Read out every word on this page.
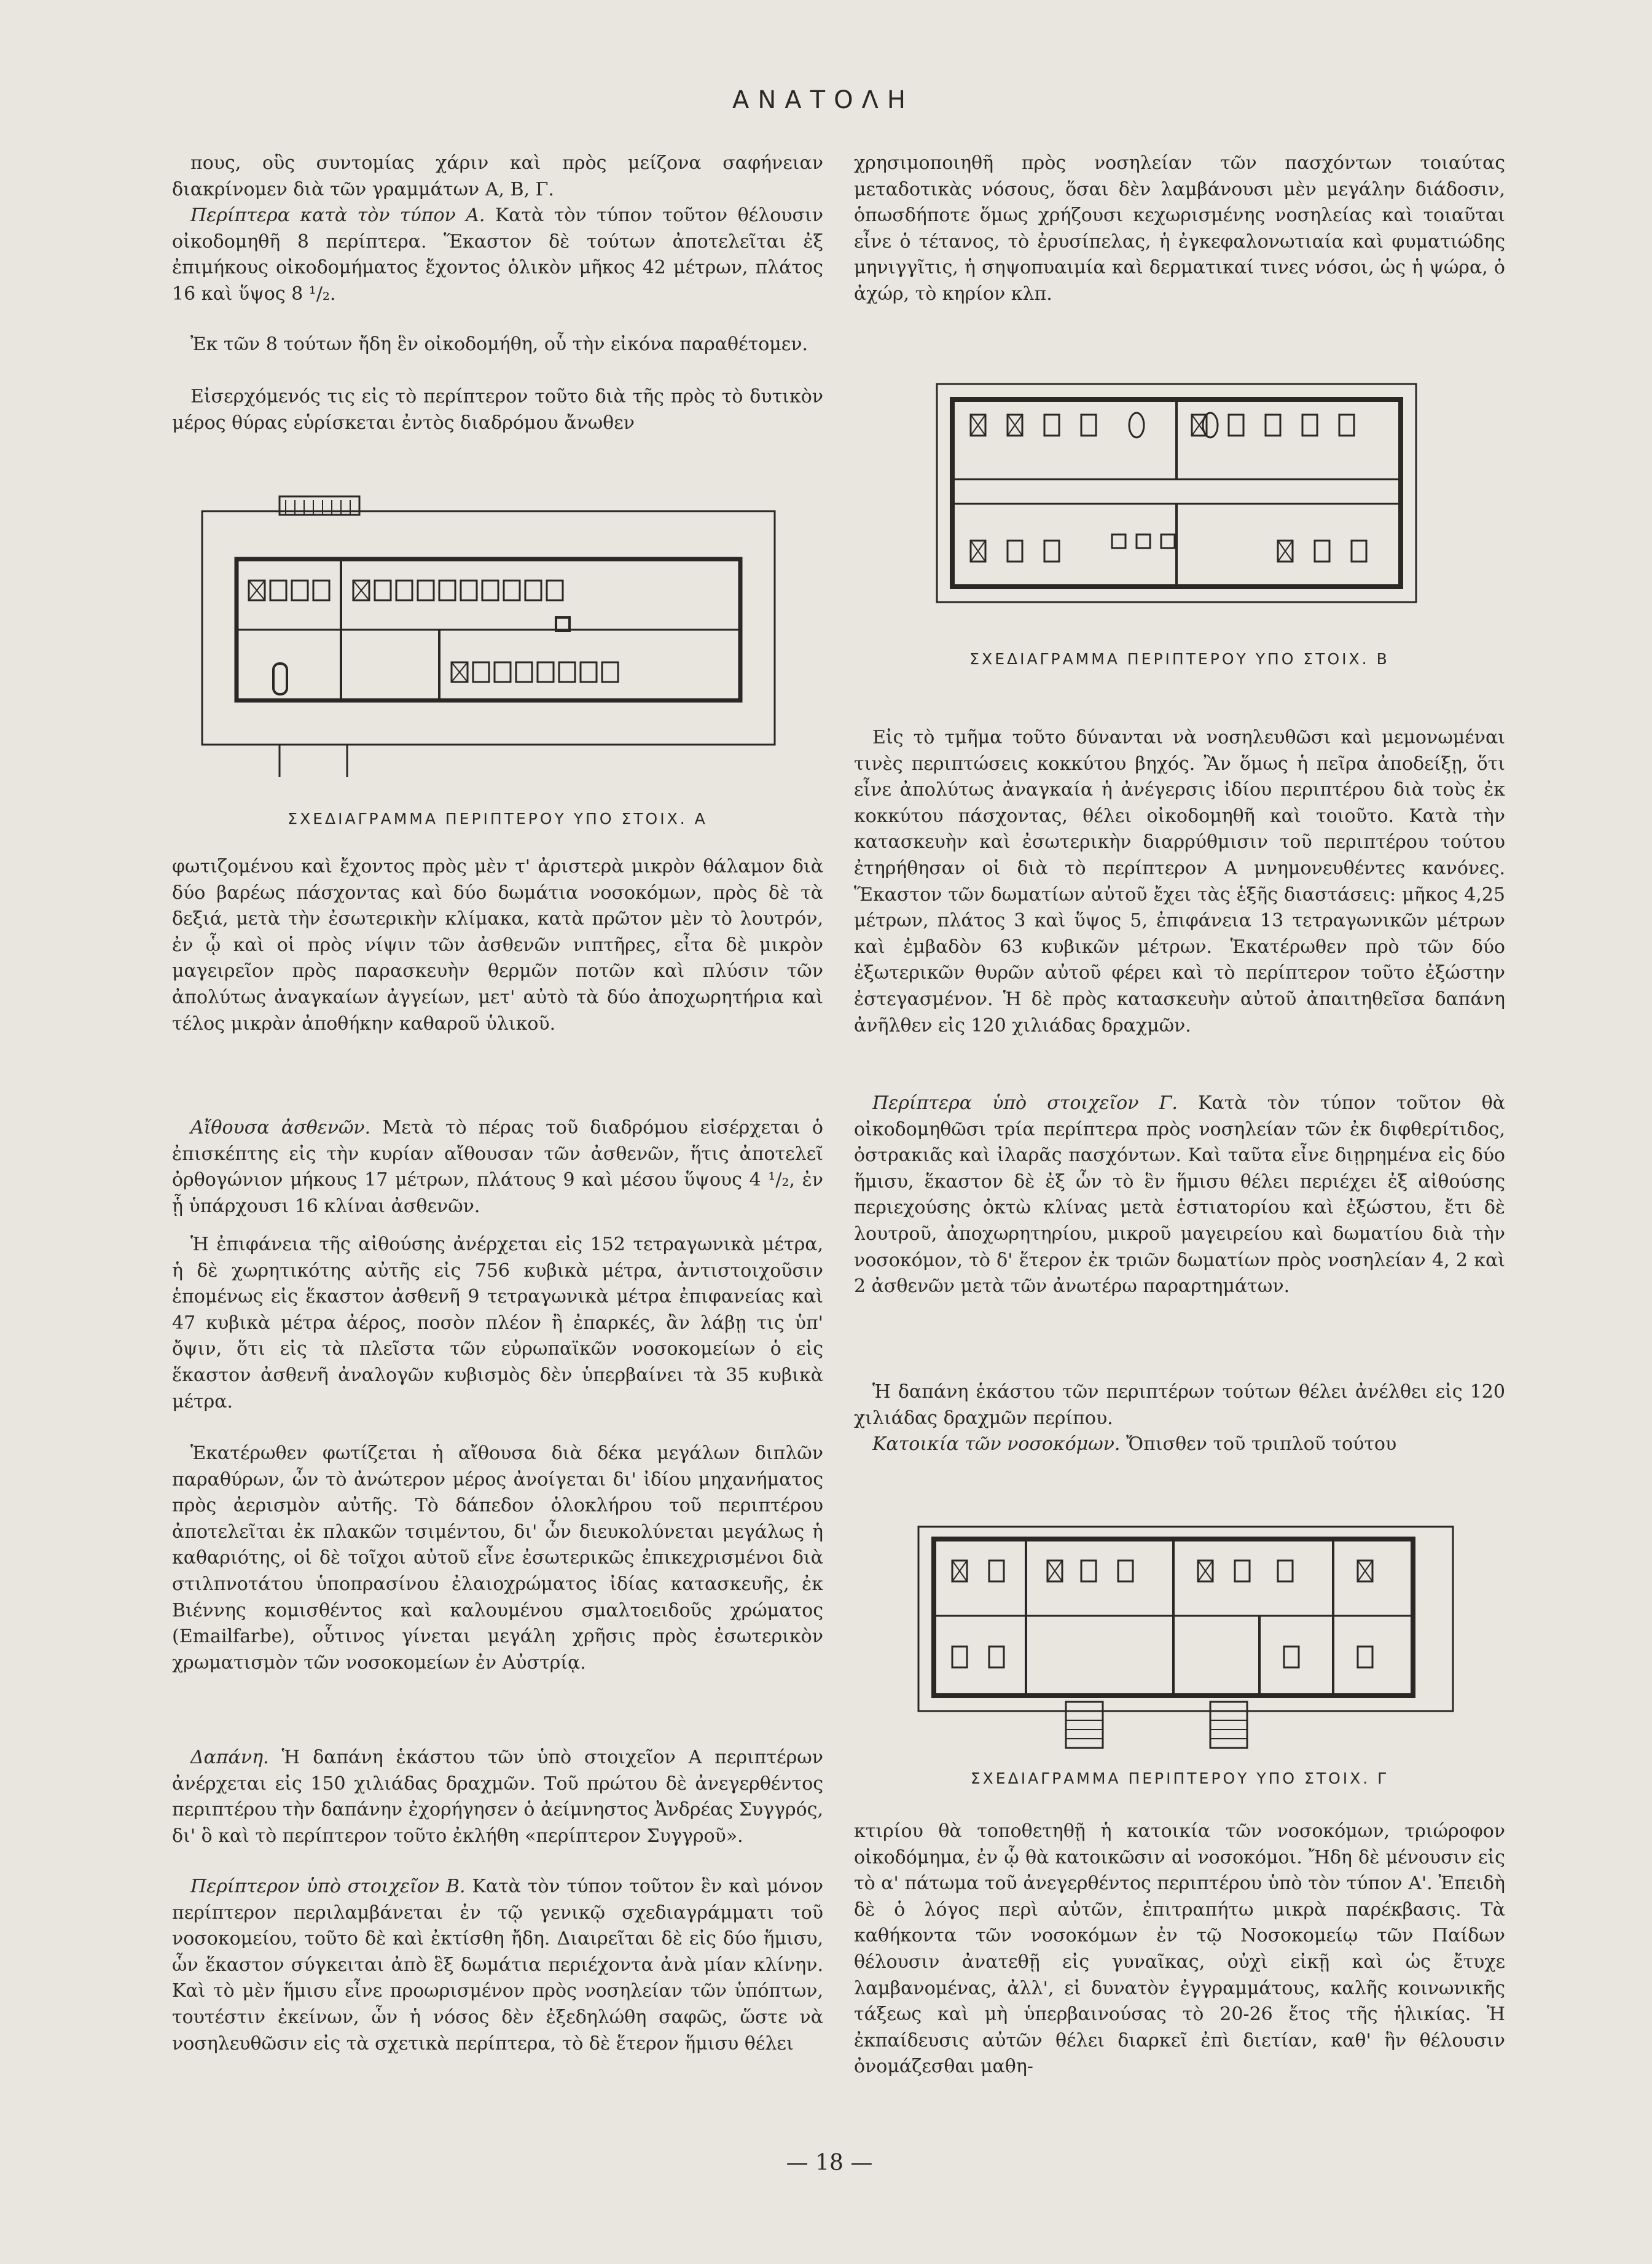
ΑΝΑΤΟΛΗ

πους, οὓς συντομίας χάριν καὶ πρὸς μείζονα σαφήνειαν διακρίνομεν διὰ τῶν γραμμάτων Α, Β, Γ.

Περίπτερα κατὰ τὸν τύπον Α. Κατὰ τὸν τύπον τοῦτον θέλουσιν οἰκοδομηθῆ 8 περίπτερα. Ἕκαστον δὲ τούτων ἀποτελεῖται ἐξ ἐπιμήκους οἰκοδομήματος ἔχοντος ὁλικὸν μῆκος 42 μέτρων, πλάτος 16 καὶ ὕψος 8 ¹/₂.

Ἐκ τῶν 8 τούτων ἤδη ἓν οἰκοδομήθη, οὗ τὴν εἰκόνα παραθέτομεν.

Εἰσερχόμενός τις εἰς τὸ περίπτερον τοῦτο διὰ τῆς πρὸς τὸ δυτικὸν μέρος θύρας εὑρίσκεται ἐντὸς διαδρόμου ἄνωθεν

ΣΧΕΔΙΑΓΡΑΜΜΑ ΠΕΡΙΠΤΕΡΟΥ ΥΠΟ ΣΤΟΙΧ. Α

φωτιζομένου καὶ ἔχοντος πρὸς μὲν τ' ἀριστερὰ μικρὸν θάλαμον διὰ δύο βαρέως πάσχοντας καὶ δύο δωμάτια νοσοκόμων, πρὸς δὲ τὰ δεξιά, μετὰ τὴν ἐσωτερικὴν κλίμακα, κατὰ πρῶτον μὲν τὸ λουτρόν, ἐν ᾧ καὶ οἱ πρὸς νίψιν τῶν ἀσθενῶν νιπτῆρες, εἶτα δὲ μικρὸν μαγειρεῖον πρὸς παρασκευὴν θερμῶν ποτῶν καὶ πλύσιν τῶν ἀπολύτως ἀναγκαίων ἀγγείων, μετ' αὐτὸ τὰ δύο ἀποχωρητήρια καὶ τέλος μικρὰν ἀποθήκην καθαροῦ ὑλικοῦ.

Αἴθουσα ἀσθενῶν. Μετὰ τὸ πέρας τοῦ διαδρόμου εἰσέρχεται ὁ ἐπισκέπτης εἰς τὴν κυρίαν αἴθουσαν τῶν ἀσθενῶν, ἥτις ἀποτελεῖ ὀρθογώνιον μήκους 17 μέτρων, πλάτους 9 καὶ μέσου ὕψους 4 ¹/₂, ἐν ᾗ ὑπάρχουσι 16 κλίναι ἀσθενῶν.

Ἡ ἐπιφάνεια τῆς αἰθούσης ἀνέρχεται εἰς 152 τετραγωνικὰ μέτρα, ἡ δὲ χωρητικότης αὐτῆς εἰς 756 κυβικὰ μέτρα, ἀντιστοιχοῦσιν ἑπομένως εἰς ἕκαστον ἀσθενῆ 9 τετραγωνικὰ μέτρα ἐπιφανείας καὶ 47 κυβικὰ μέτρα ἀέρος, ποσὸν πλέον ἢ ἐπαρκές, ἂν λάβῃ τις ὑπ' ὄψιν, ὅτι εἰς τὰ πλεῖστα τῶν εὐρωπαϊκῶν νοσοκομείων ὁ εἰς ἕκαστον ἀσθενῆ ἀναλογῶν κυβισμὸς δὲν ὑπερβαίνει τὰ 35 κυβικὰ μέτρα.

Ἑκατέρωθεν φωτίζεται ἡ αἴθουσα διὰ δέκα μεγάλων διπλῶν παραθύρων, ὧν τὸ ἀνώτερον μέρος ἀνοίγεται δι' ἰδίου μηχανήματος πρὸς ἀερισμὸν αὐτῆς. Τὸ δάπεδον ὁλοκλήρου τοῦ περιπτέρου ἀποτελεῖται ἐκ πλακῶν τσιμέντου, δι' ὧν διευκολύνεται μεγάλως ἡ καθαριότης, οἱ δὲ τοῖχοι αὐτοῦ εἶνε ἐσωτερικῶς ἐπικεχρισμένοι διὰ στιλπνοτάτου ὑποπρασίνου ἐλαιοχρώματος ἰδίας κατασκευῆς, ἐκ Βιέννης κομισθέντος καὶ καλουμένου σμαλτοειδοῦς χρώματος (Emailfarbe), οὗτινος γίνεται μεγάλη χρῆσις πρὸς ἐσωτερικὸν χρωματισμὸν τῶν νοσοκομείων ἐν Αὐστρίᾳ.

Δαπάνη. Ἡ δαπάνη ἑκάστου τῶν ὑπὸ στοιχεῖον Α περιπτέρων ἀνέρχεται εἰς 150 χιλιάδας δραχμῶν. Τοῦ πρώτου δὲ ἀνεγερθέντος περιπτέρου τὴν δαπάνην ἐχορήγησεν ὁ ἀείμνηστος Ἀνδρέας Συγγρός, δι' ὃ καὶ τὸ περίπτερον τοῦτο ἐκλήθη «περίπτερον Συγγροῦ».

Περίπτερον ὑπὸ στοιχεῖον Β. Κατὰ τὸν τύπον τοῦτον ἓν καὶ μόνον περίπτερον περιλαμβάνεται ἐν τῷ γενικῷ σχεδιαγράμματι τοῦ νοσοκομείου, τοῦτο δὲ καὶ ἐκτίσθη ἤδη. Διαιρεῖται δὲ εἰς δύο ἥμισυ, ὧν ἕκαστον σύγκειται ἀπὸ ἓξ δωμάτια περιέχοντα ἀνὰ μίαν κλίνην. Καὶ τὸ μὲν ἥμισυ εἶνε προωρισμένον πρὸς νοσηλείαν τῶν ὑπόπτων, τουτέστιν ἐκείνων, ὧν ἡ νόσος δὲν ἐξεδηλώθη σαφῶς, ὥστε νὰ νοσηλευθῶσιν εἰς τὰ σχετικὰ περίπτερα, τὸ δὲ ἕτερον ἥμισυ θέλει

χρησιμοποιηθῆ πρὸς νοσηλείαν τῶν πασχόντων τοιαύτας μεταδοτικὰς νόσους, ὅσαι δὲν λαμβάνουσι μὲν μεγάλην διάδοσιν, ὁπωσδήποτε ὅμως χρήζουσι κεχωρισμένης νοσηλείας καὶ τοιαῦται εἶνε ὁ τέτανος, τὸ ἐρυσίπελας, ἡ ἐγκεφαλονωτιαία καὶ φυματιώδης μηνιγγῖτις, ἡ σηψοπυαιμία καὶ δερματικαί τινες νόσοι, ὡς ἡ ψώρα, ὁ ἀχώρ, τὸ κηρίον κλπ.

ΣΧΕΔΙΑΓΡΑΜΜΑ ΠΕΡΙΠΤΕΡΟΥ ΥΠΟ ΣΤΟΙΧ. Β

Εἰς τὸ τμῆμα τοῦτο δύνανται νὰ νοσηλευθῶσι καὶ μεμονωμέναι τινὲς περιπτώσεις κοκκύτου βηχός. Ἂν ὅμως ἡ πεῖρα ἀποδείξῃ, ὅτι εἶνε ἀπολύτως ἀναγκαία ἡ ἀνέγερσις ἰδίου περιπτέρου διὰ τοὺς ἐκ κοκκύτου πάσχοντας, θέλει οἰκοδομηθῆ καὶ τοιοῦτο. Κατὰ τὴν κατασκευὴν καὶ ἐσωτερικὴν διαρρύθμισιν τοῦ περιπτέρου τούτου ἐτηρήθησαν οἱ διὰ τὸ περίπτερον Α μνημονευθέντες κανόνες. Ἕκαστον τῶν δωματίων αὐτοῦ ἔχει τὰς ἑξῆς διαστάσεις: μῆκος 4,25 μέτρων, πλάτος 3 καὶ ὕψος 5, ἐπιφάνεια 13 τετραγωνικῶν μέτρων καὶ ἐμβαδὸν 63 κυβικῶν μέτρων. Ἑκατέρωθεν πρὸ τῶν δύο ἐξωτερικῶν θυρῶν αὐτοῦ φέρει καὶ τὸ περίπτερον τοῦτο ἐξώστην ἐστεγασμένον. Ἡ δὲ πρὸς κατασκευὴν αὐτοῦ ἀπαιτηθεῖσα δαπάνη ἀνῆλθεν εἰς 120 χιλιάδας δραχμῶν.

Περίπτερα ὑπὸ στοιχεῖον Γ. Κατὰ τὸν τύπον τοῦτον θὰ οἰκοδομηθῶσι τρία περίπτερα πρὸς νοσηλείαν τῶν ἐκ διφθερίτιδος, ὀστρακιᾶς καὶ ἰλαρᾶς πασχόντων. Καὶ ταῦτα εἶνε διῃρημένα εἰς δύο ἥμισυ, ἕκαστον δὲ ἐξ ὧν τὸ ἓν ἥμισυ θέλει περιέχει ἐξ αἰθούσης περιεχούσης ὀκτὼ κλίνας μετὰ ἑστιατορίου καὶ ἐξώστου, ἔτι δὲ λουτροῦ, ἀποχωρητηρίου, μικροῦ μαγειρείου καὶ δωματίου διὰ τὴν νοσοκόμον, τὸ δ' ἕτερον ἐκ τριῶν δωματίων πρὸς νοσηλείαν 4, 2 καὶ 2 ἀσθενῶν μετὰ τῶν ἀνωτέρω παραρτημάτων.

Ἡ δαπάνη ἑκάστου τῶν περιπτέρων τούτων θέλει ἀνέλθει εἰς 120 χιλιάδας δραχμῶν περίπου.

Κατοικία τῶν νοσοκόμων. Ὄπισθεν τοῦ τριπλοῦ τούτου

ΣΧΕΔΙΑΓΡΑΜΜΑ ΠΕΡΙΠΤΕΡΟΥ ΥΠΟ ΣΤΟΙΧ. Γ

κτιρίου θὰ τοποθετηθῇ ἡ κατοικία τῶν νοσοκόμων, τριώροφον οἰκοδόμημα, ἐν ᾧ θὰ κατοικῶσιν αἱ νοσοκόμοι. Ἤδη δὲ μένουσιν εἰς τὸ α' πάτωμα τοῦ ἀνεγερθέντος περιπτέρου ὑπὸ τὸν τύπον Α'. Ἐπειδὴ δὲ ὁ λόγος περὶ αὐτῶν, ἐπιτραπήτω μικρὰ παρέκβασις. Τὰ καθήκοντα τῶν νοσοκόμων ἐν τῷ Νοσοκομείῳ τῶν Παίδων θέλουσιν ἀνατεθῇ εἰς γυναῖκας, οὐχὶ εἰκῇ καὶ ὡς ἔτυχε λαμβανομένας, ἀλλ', εἰ δυνατὸν ἐγγραμμάτους, καλῆς κοινωνικῆς τάξεως καὶ μὴ ὑπερβαινούσας τὸ 20-26 ἔτος τῆς ἡλικίας. Ἡ ἐκπαίδευσις αὐτῶν θέλει διαρκεῖ ἐπὶ διετίαν, καθ' ἣν θέλουσιν ὀνομάζεσθαι μαθη-

— 18 —
